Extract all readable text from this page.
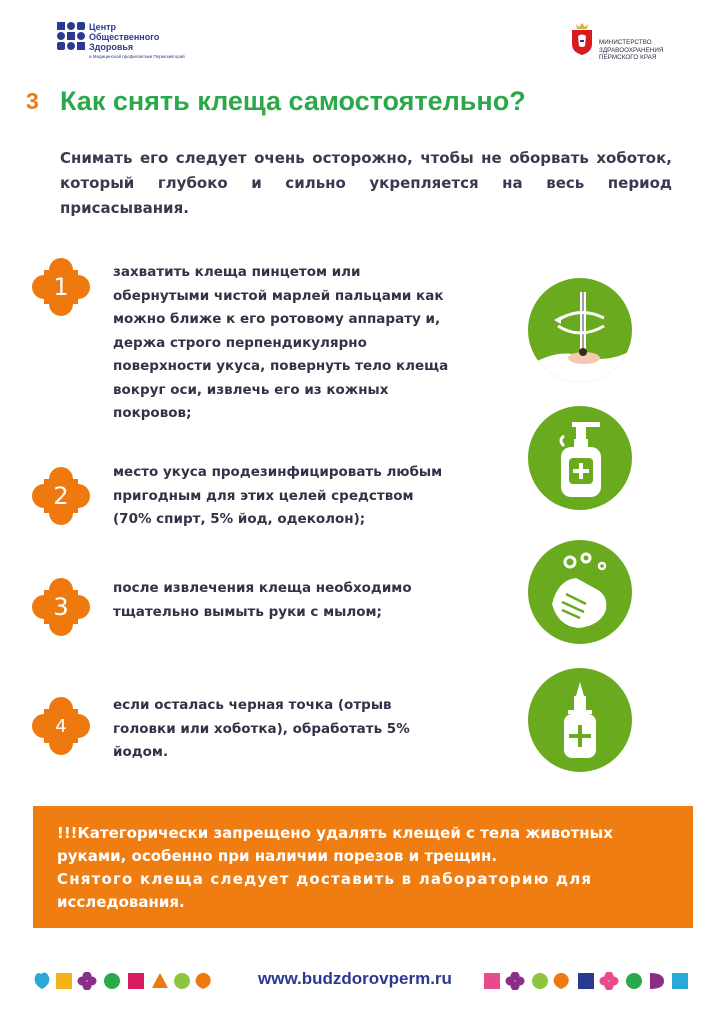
Центр
Общественного
Здоровья
и Медицинской профилактики Пермский край
МИНИСТЕРСТВО
ЗДРАВООХРАНЕНИЯ
ПЕРМСКОГО КРАЯ
3 Как снять клеща самостоятельно?
Снимать его следует очень осторожно, чтобы не оборвать хоботок,
который глубоко и сильно укрепляется на весь период
присасывания.
1
2
3
4
захватить клеща пинцетом или
обернутыми чистой марлей пальцами как
можно ближе к его ротовому аппарату и,
держа строго перпендикулярно
поверхности укуса, повернуть тело клеща
вокруг оси, извлечь его из кожных
покровов;
место укуса продезинфицировать любым
пригодным для этих целей средством
(70% спирт, 5% йод, одеколон);
после извлечения клеща необходимо
тщательно вымыть руки с мылом;
если осталась черная точка (отрыв
головки или хоботка), обработать 5%
йодом.
!!!Категорически запрещено удалять клещей с тела животных
руками, особенно при наличии порезов и трещин.
Снятого клеща следует доставить в лабораторию для
исследования.
www.budzdorovperm.ru
